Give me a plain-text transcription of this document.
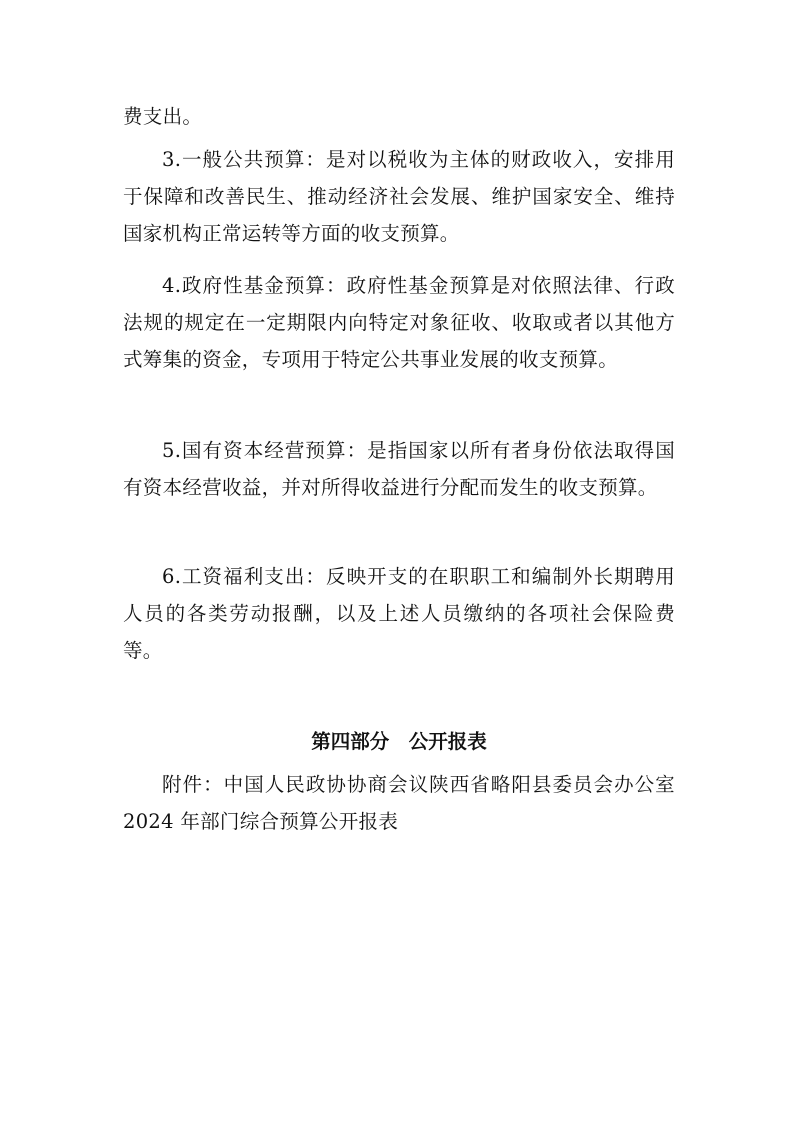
费支出。

3.一般公共预算：是对以税收为主体的财政收入，安排用于保障和改善民生、推动经济社会发展、维护国家安全、维持国家机构正常运转等方面的收支预算。

4.政府性基金预算：政府性基金预算是对依照法律、行政法规的规定在一定期限内向特定对象征收、收取或者以其他方式筹集的资金，专项用于特定公共事业发展的收支预算。

5.国有资本经营预算：是指国家以所有者身份依法取得国有资本经营收益，并对所得收益进行分配而发生的收支预算。

6.工资福利支出：反映开支的在职职工和编制外长期聘用人员的各类劳动报酬，以及上述人员缴纳的各项社会保险费等。

第四部分　公开报表

附件：中国人民政协协商会议陕西省略阳县委员会办公室 2024 年部门综合预算公开报表
